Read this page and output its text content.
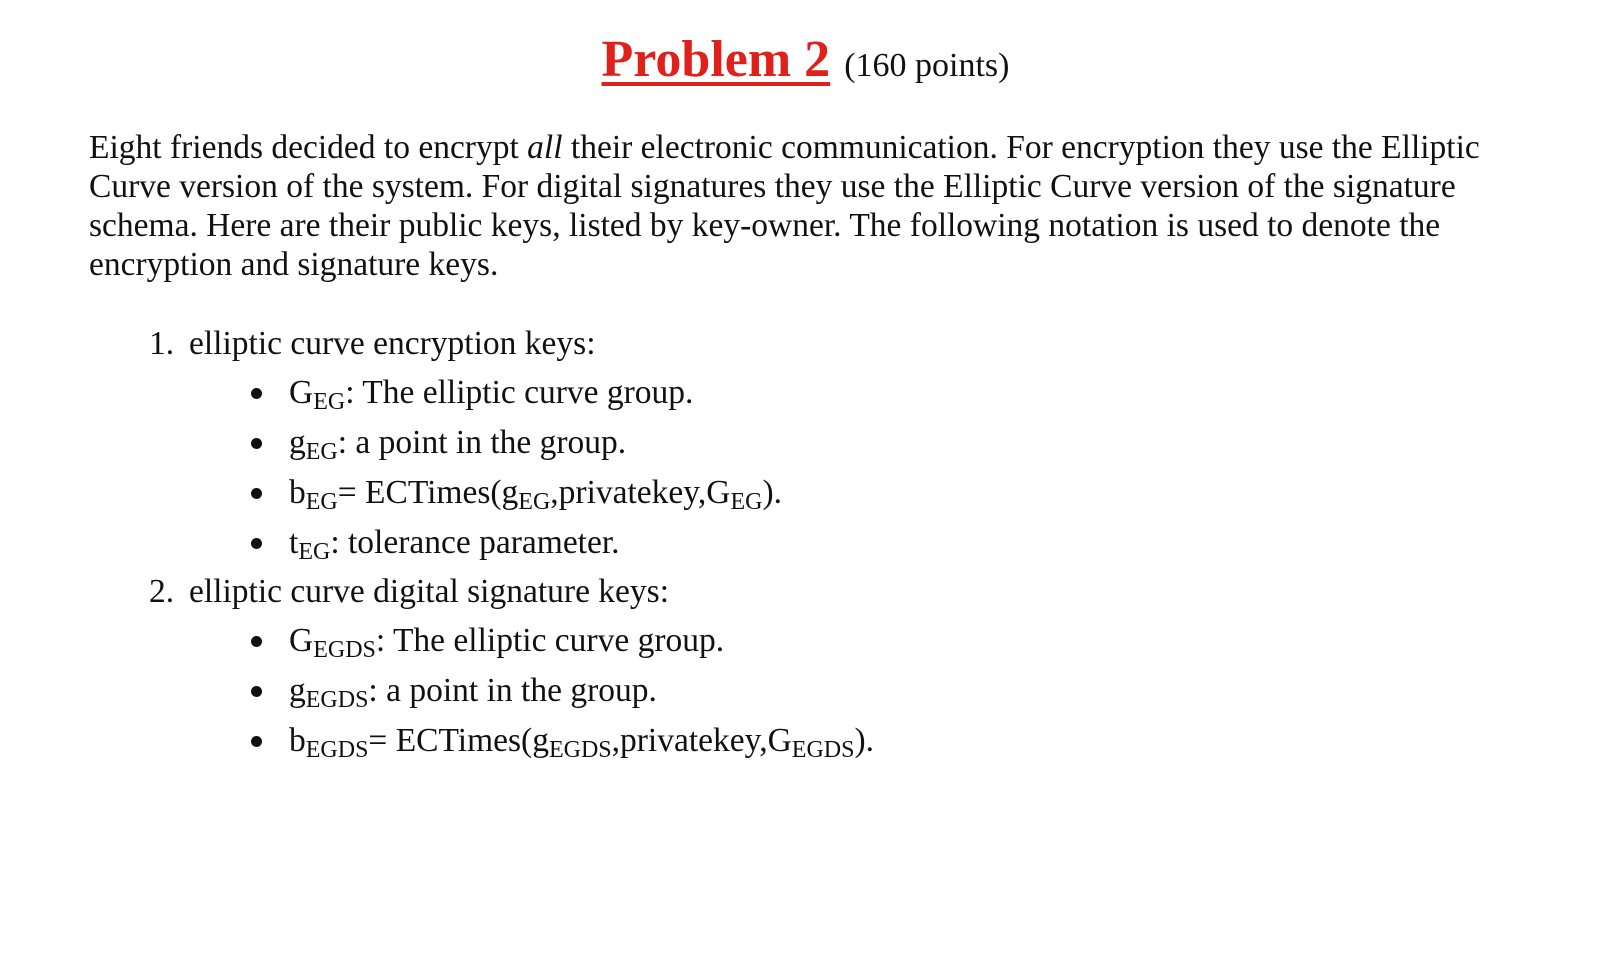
Problem 2 (160 points)

Eight friends decided to encrypt all their electronic communication. For encryption they use the Elliptic Curve version of the system. For digital signatures they use the Elliptic Curve version of the signature schema. Here are their public keys, listed by key-owner. The following notation is used to denote the encryption and signature keys.

1. elliptic curve encryption keys:
$G_{EG}$: The elliptic curve group.
$g_{EG}$: a point in the group.
$b_{EG}=$ $ECTimes(g_{EG},privatekey,G_{EG})$.
$t_{EG}$: tolerance parameter.
2. elliptic curve digital signature keys:
$G_{EGDS}$: The elliptic curve group.
$g_{EGDS}$: a point in the group.
$b_{EGDS}=$ $ECTimes(g_{EGDS},privatekey,G_{EGDS})$.
